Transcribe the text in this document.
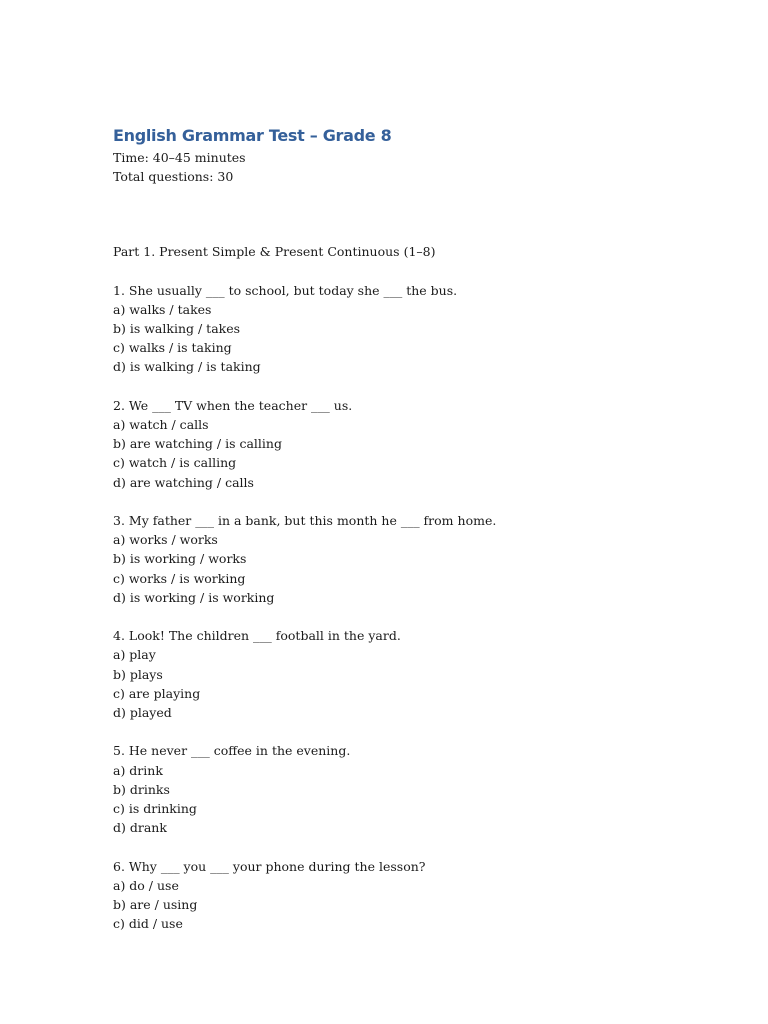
English Grammar Test – Grade 8

Time: 40–45 minutes

Total questions: 30

Part 1. Present Simple & Present Continuous (1–8)

1. She usually ___ to school, but today she ___ the bus.

a) walks / takes

b) is walking / takes

c) walks / is taking

d) is walking / is taking

2. We ___ TV when the teacher ___ us.

a) watch / calls

b) are watching / is calling

c) watch / is calling

d) are watching / calls

3. My father ___ in a bank, but this month he ___ from home.

a) works / works

b) is working / works

c) works / is working

d) is working / is working

4. Look! The children ___ football in the yard.

a) play

b) plays

c) are playing

d) played

5. He never ___ coffee in the evening.

a) drink

b) drinks

c) is drinking

d) drank

6. Why ___ you ___ your phone during the lesson?

a) do / use

b) are / using

c) did / use
